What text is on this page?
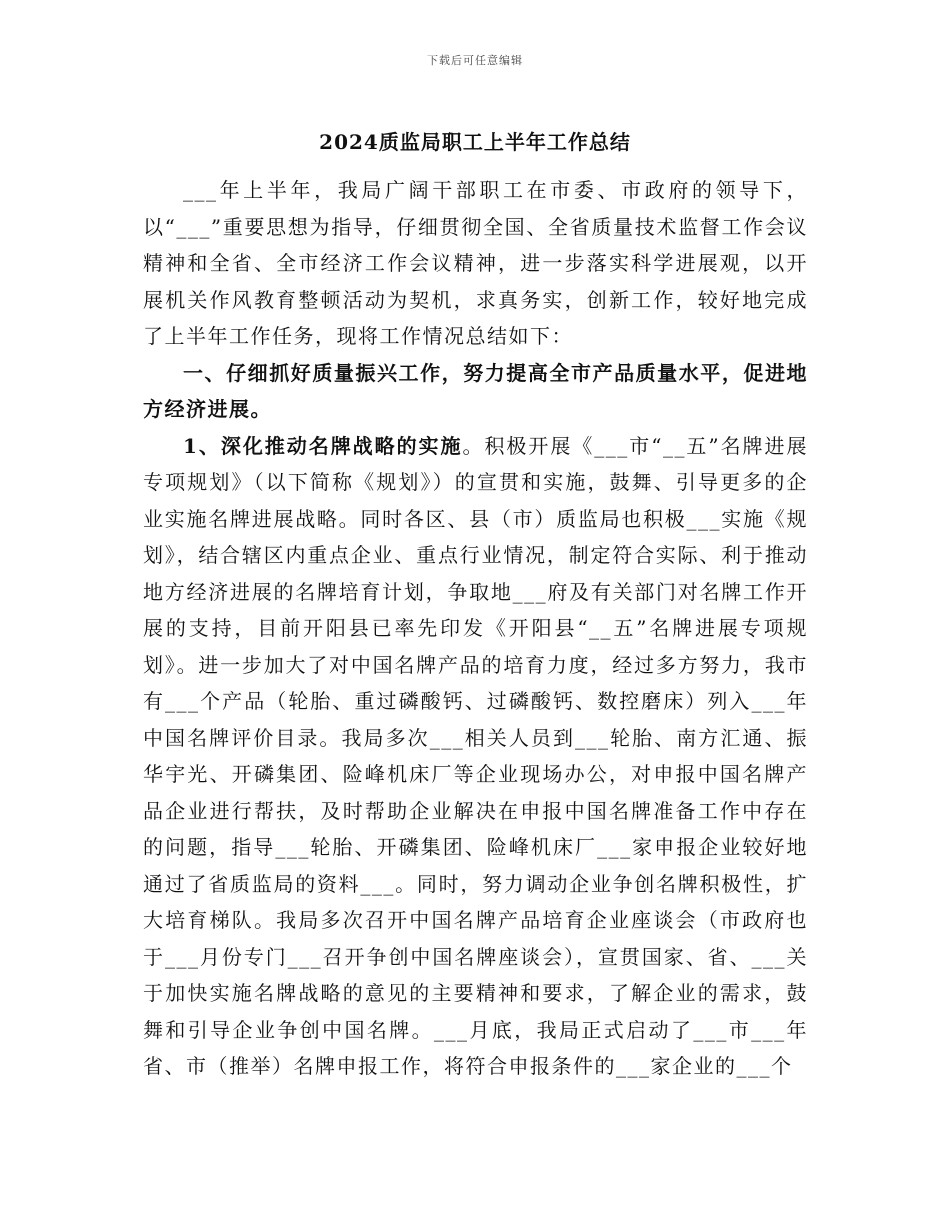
下载后可任意编辑
2024质监局职工上半年工作总结

___年上半年，我局广阔干部职工在市委、市政府的领导下，以“___”重要思想为指导，仔细贯彻全国、全省质量技术监督工作会议精神和全省、全市经济工作会议精神，进一步落实科学进展观，以开展机关作风教育整顿活动为契机，求真务实，创新工作，较好地完成了上半年工作任务，现将工作情况总结如下：

一、仔细抓好质量振兴工作，努力提高全市产品质量水平，促进地方经济进展。

1、深化推动名牌战略的实施。积极开展《___市“__五”名牌进展专项规划》（以下简称《规划》）的宣贯和实施，鼓舞、引导更多的企业实施名牌进展战略。同时各区、县（市）质监局也积极___实施《规划》，结合辖区内重点企业、重点行业情况，制定符合实际、利于推动地方经济进展的名牌培育计划，争取地___府及有关部门对名牌工作开展的支持，目前开阳县已率先印发《开阳县“__五”名牌进展专项规划》。进一步加大了对中国名牌产品的培育力度，经过多方努力，我市有___个产品（轮胎、重过磷酸钙、过磷酸钙、数控磨床）列入___年中国名牌评价目录。我局多次___相关人员到___轮胎、南方汇通、振华宇光、开磷集团、险峰机床厂等企业现场办公，对申报中国名牌产品企业进行帮扶，及时帮助企业解决在申报中国名牌准备工作中存在的问题，指导___轮胎、开磷集团、险峰机床厂___家申报企业较好地通过了省质监局的资料___。同时，努力调动企业争创名牌积极性，扩大培育梯队。我局多次召开中国名牌产品培育企业座谈会（市政府也于___月份专门___召开争创中国名牌座谈会），宣贯国家、省、___关于加快实施名牌战略的意见的主要精神和要求，了解企业的需求，鼓舞和引导企业争创中国名牌。___月底，我局正式启动了___市___年省、市（推举）名牌申报工作，将符合申报条件的___家企业的___个
